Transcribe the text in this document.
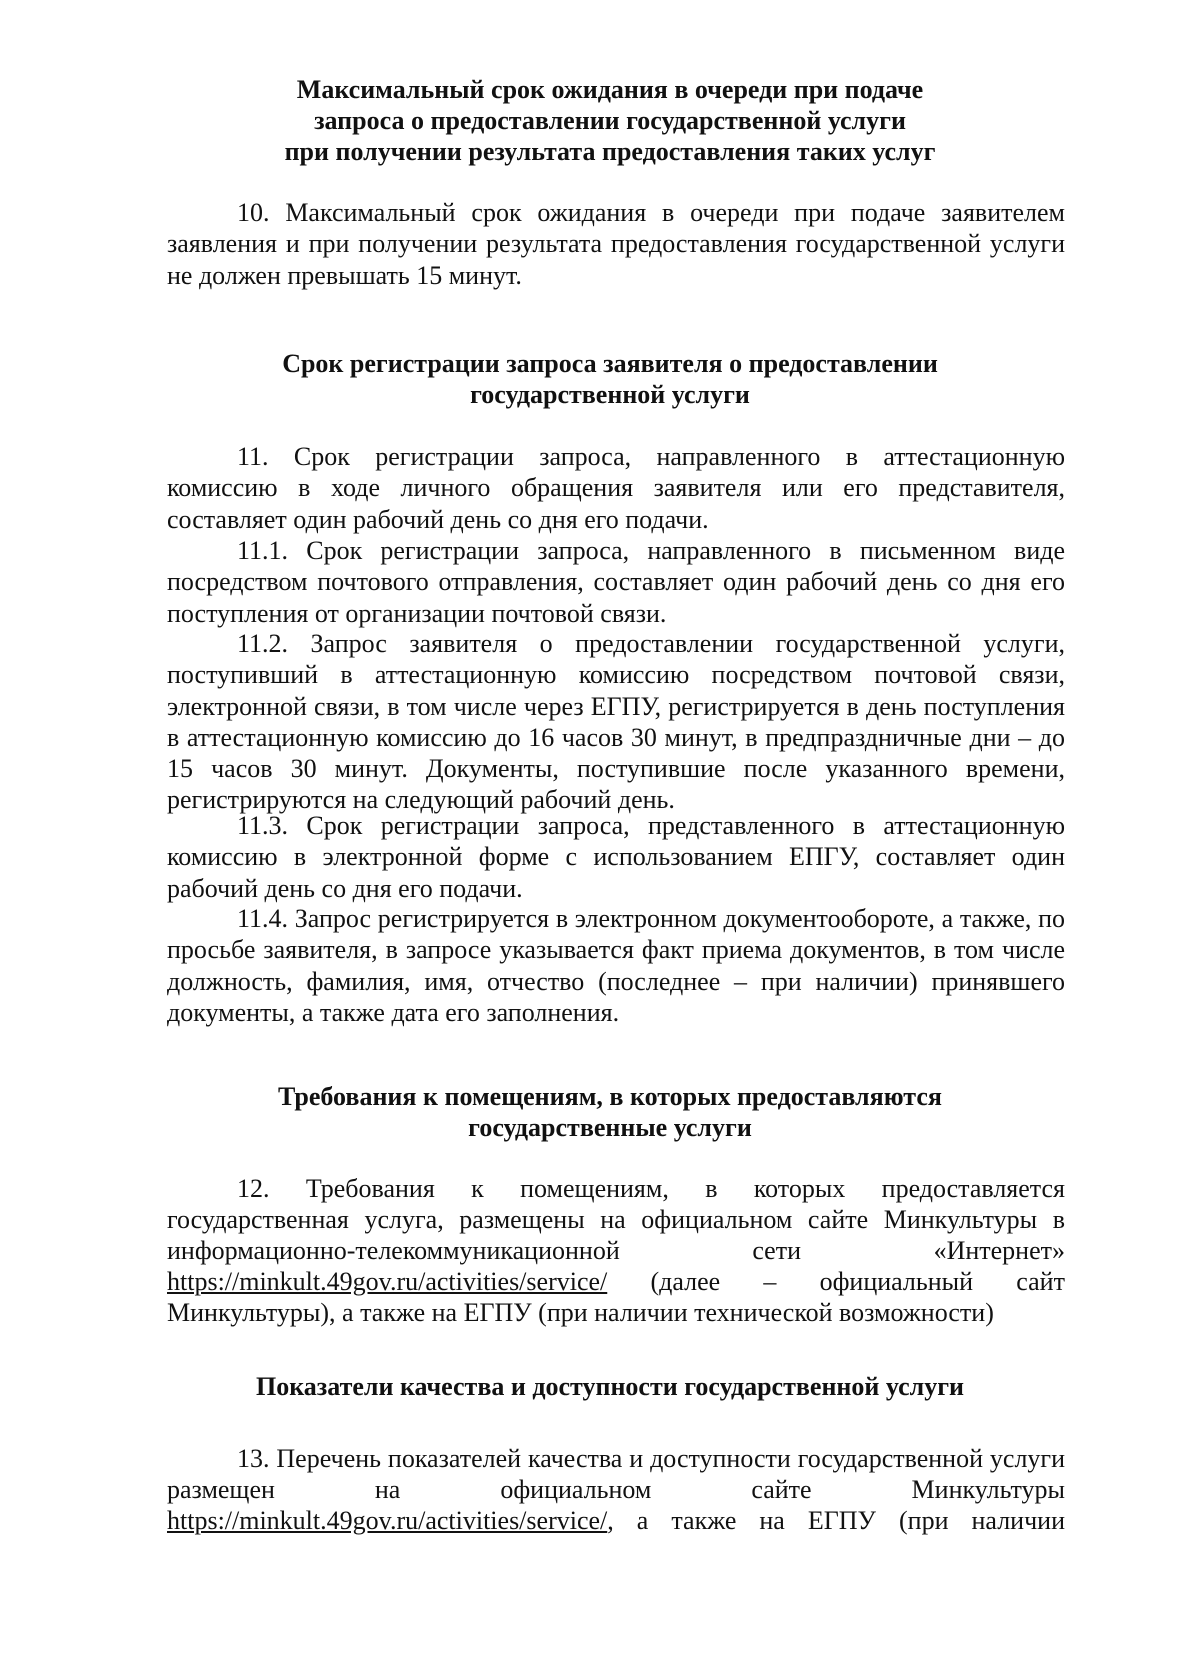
Максимальный срок ожидания в очереди при подаче
запроса о предоставлении государственной услуги
при получении результата предоставления таких услуг
10. Максимальный срок ожидания в очереди при подаче заявителем заявления и при получении результата предоставления государственной услуги не должен превышать 15 минут.
Срок регистрации запроса заявителя о предоставлении
государственной услуги
11. Срок регистрации запроса, направленного в аттестационную комиссию в ходе личного обращения заявителя или его представителя, составляет один рабочий день со дня его подачи.
11.1. Срок регистрации запроса, направленного в письменном виде посредством почтового отправления, составляет один рабочий день со дня его поступления от организации почтовой связи.
11.2. Запрос заявителя о предоставлении государственной услуги, поступивший в аттестационную комиссию посредством почтовой связи, электронной связи, в том числе через ЕГПУ, регистрируется в день поступления в аттестационную комиссию до 16 часов 30 минут, в предпраздничные дни – до 15 часов 30 минут. Документы, поступившие после указанного времени, регистрируются на следующий рабочий день.
11.3. Срок регистрации запроса, представленного в аттестационную комиссию в электронной форме с использованием ЕПГУ, составляет один рабочий день со дня его подачи.
11.4. Запрос регистрируется в электронном документообороте, а также, по просьбе заявителя, в запросе указывается факт приема документов, в том числе должность, фамилия, имя, отчество (последнее – при наличии) принявшего документы, а также дата его заполнения.
Требования к помещениям, в которых предоставляются
государственные услуги
12. Требования к помещениям, в которых предоставляется
государственная услуга, размещены на официальном сайте Минкультуры в
информационно-телекоммуникационной	сети	«Интернет»
https://minkult.49gov.ru/activities/service/ (далее – официальный сайт
Минкультуры), а также на ЕГПУ (при наличии технической возможности)
Показатели качества и доступности государственной услуги
13. Перечень показателей качества и доступности государственной услуги
размещен	на	официальном	сайте	Минкультуры
https://minkult.49gov.ru/activities/service/ , а также на ЕГПУ (при наличии
